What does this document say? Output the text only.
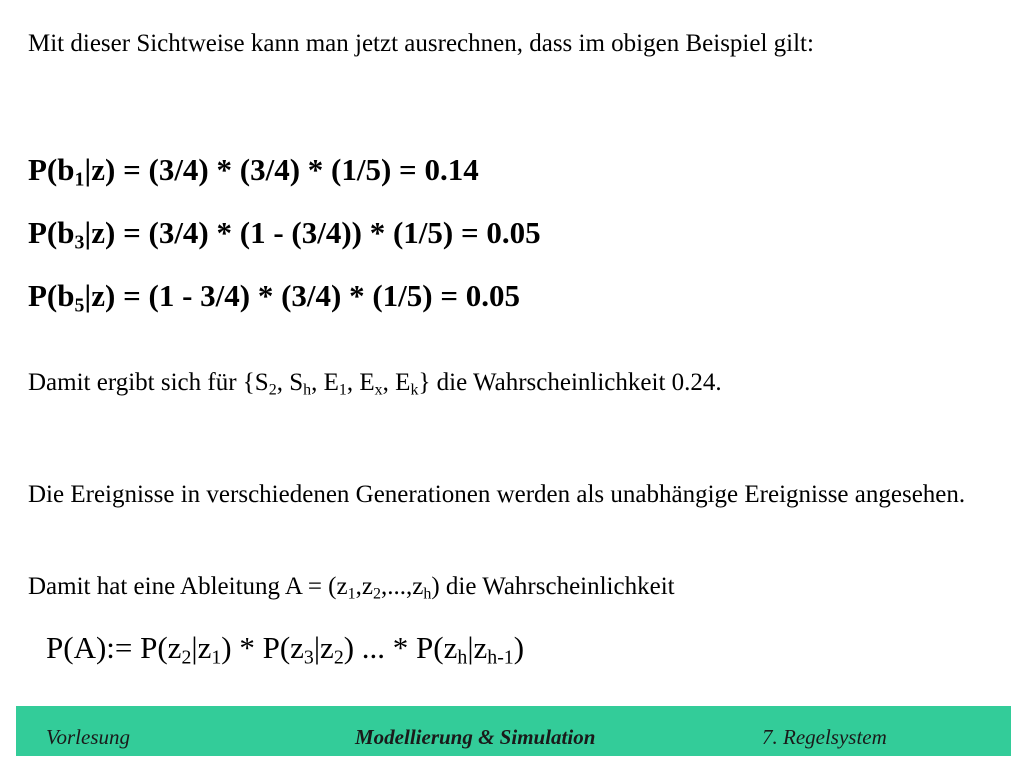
Mit dieser Sichtweise kann man jetzt ausrechnen, dass im obigen Beispiel gilt:

$P(b_1|z) = (3/4) * (3/4) * (1/5) = 0.14$
$P(b_3|z) = (3/4) * (1 - (3/4)) * (1/5) = 0.05$
$P(b_5|z) = (1 - 3/4) * (3/4) * (1/5) = 0.05$
Damit ergibt sich für {$S_2$, $S_h$, $E_1$, $E_x$, $E_k$} die Wahrscheinlichkeit 0.24.

Die Ereignisse in verschiedenen Generationen werden als unabhängige Ereignisse angesehen.

Damit hat eine Ableitung $A = (z_1,z_2,...,z_h)$ die Wahrscheinlichkeit
P(A):= $P(z_2|z_1) * P(z_3|z_2)$ ... * $P(z_h|z_{h-1})$
Vorlesung	Modellierung & Simulation	7. Regelsystem
